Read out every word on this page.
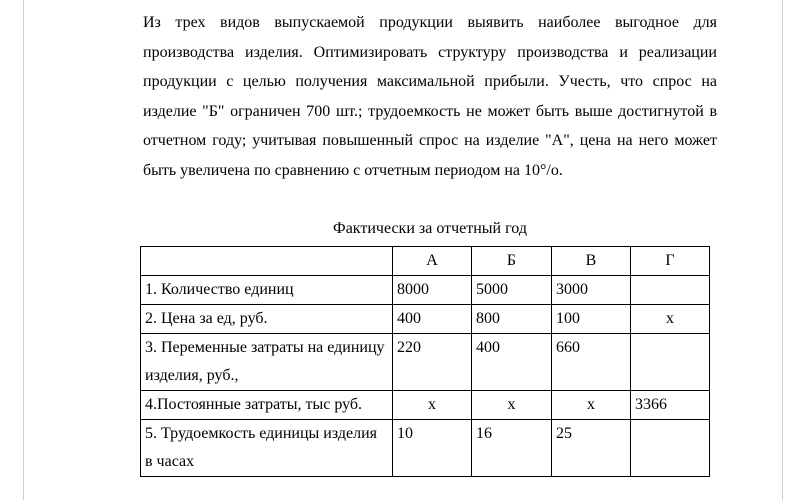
Из трех видов выпускаемой продукции выявить наиболее выгодное для производства изделия. Оптимизировать структуру производства и реализации продукции с целью получения максимальной прибыли. Учесть, что спрос на изделие "Б" ограничен 700 шт.; трудоемкость не может быть выше достигнутой в отчетном году; учитывая повышенный спрос на изделие "А", цена на него может быть увеличена по сравнению с отчетным периодом на 10°/о.

Фактически за отчетный год

	А	Б	В	Г
1. Количество единиц	8000	5000	3000	
2. Цена за ед, руб.	400	800	100	х
3. Переменные затраты на единицу изделия, руб.,	220	400	660	
4.Постоянные затраты, тыс руб.	х	х	х	3366
5. Трудоемкость единицы изделия в часах	10	16	25	
